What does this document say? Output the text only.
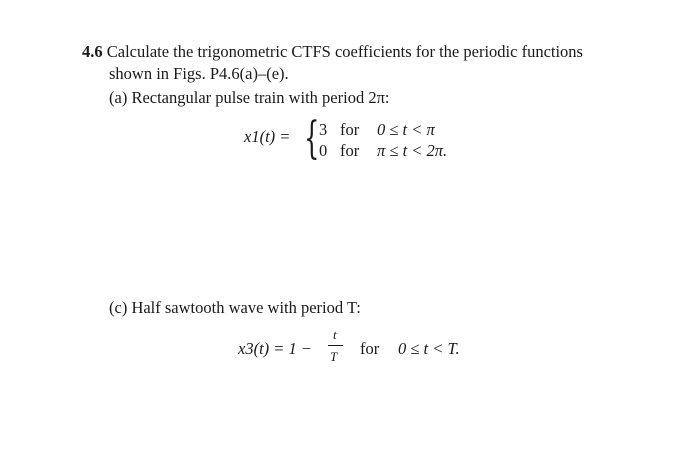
4.6 Calculate the trigonometric CTFS coefficients for the periodic functions
shown in Figs. P4.6(a)–(e).
(a) Rectangular pulse train with period 2π:
x1(t) = { 3 for 0 ≤ t < π
0 for π ≤ t < 2π.
(c) Half sawtooth wave with period T:
x3(t) = 1 −
t
T for 0 ≤ t < T.
